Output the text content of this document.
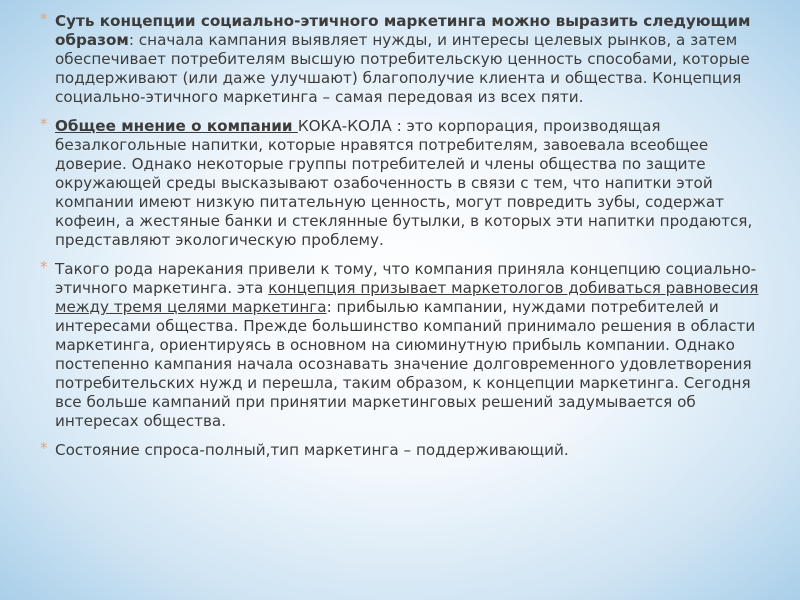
* Суть концепции социально-этичного маркетинга можно выразить следующим образом: сначала кампания выявляет нужды, и интересы целевых рынков, а затем обеспечивает потребителям высшую потребительскую ценность способами, которые поддерживают (или даже улучшают) благополучие клиента и общества. Концепция социально-этичного маркетинга – самая передовая из всех пяти.
* Общее мнение о компании КОКА-КОЛА : это корпорация, производящая безалкогольные напитки, которые нравятся потребителям, завоевала всеобщее доверие. Однако некоторые группы потребителей и члены общества по защите окружающей среды высказывают озабоченность в связи с тем, что напитки этой компании имеют низкую питательную ценность, могут повредить зубы, содержат кофеин, а жестяные банки и стеклянные бутылки, в которых эти напитки продаются, представляют экологическую проблему.
* Такого рода нарекания привели к тому, что компания приняла концепцию социально-этичного маркетинга. эта концепция призывает маркетологов добиваться равновесия между тремя целями маркетинга: прибылью кампании, нуждами потребителей и интересами общества. Прежде большинство компаний принимало решения в области маркетинга, ориентируясь в основном на сиюминутную прибыль компании. Однако постепенно кампания начала осознавать значение долговременного удовлетворения потребительских нужд и перешла, таким образом, к концепции маркетинга. Сегодня все больше кампаний при принятии маркетинговых решений задумывается об интересах общества.
* Состояние спроса-полный,тип маркетинга – поддерживающий.
